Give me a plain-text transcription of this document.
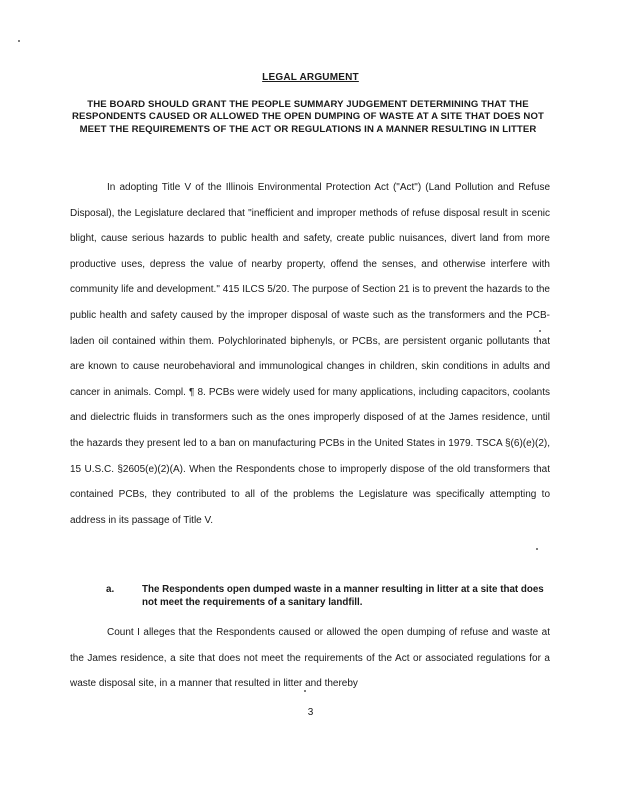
LEGAL ARGUMENT
THE BOARD SHOULD GRANT THE PEOPLE SUMMARY JUDGEMENT DETERMINING THAT THE RESPONDENTS CAUSED OR ALLOWED THE OPEN DUMPING OF WASTE AT A SITE THAT DOES NOT MEET THE REQUIREMENTS OF THE ACT OR REGULATIONS IN A MANNER RESULTING IN LITTER
In adopting Title V of the Illinois Environmental Protection Act ("Act") (Land Pollution and Refuse Disposal), the Legislature declared that "inefficient and improper methods of refuse disposal result in scenic blight, cause serious hazards to public health and safety, create public nuisances, divert land from more productive uses, depress the value of nearby property, offend the senses, and otherwise interfere with community life and development." 415 ILCS 5/20. The purpose of Section 21 is to prevent the hazards to the public health and safety caused by the improper disposal of waste such as the transformers and the PCB-laden oil contained within them. Polychlorinated biphenyls, or PCBs, are persistent organic pollutants that are known to cause neurobehavioral and immunological changes in children, skin conditions in adults and cancer in animals. Compl. ¶ 8. PCBs were widely used for many applications, including capacitors, coolants and dielectric fluids in transformers such as the ones improperly disposed of at the James residence, until the hazards they present led to a ban on manufacturing PCBs in the United States in 1979. TSCA §(6)(e)(2), 15 U.S.C. §2605(e)(2)(A). When the Respondents chose to improperly dispose of the old transformers that contained PCBs, they contributed to all of the problems the Legislature was specifically attempting to address in its passage of Title V.
a.	The Respondents open dumped waste in a manner resulting in litter at a site that does not meet the requirements of a sanitary landfill.
Count I alleges that the Respondents caused or allowed the open dumping of refuse and waste at the James residence, a site that does not meet the requirements of the Act or associated regulations for a waste disposal site, in a manner that resulted in litter and thereby
3
